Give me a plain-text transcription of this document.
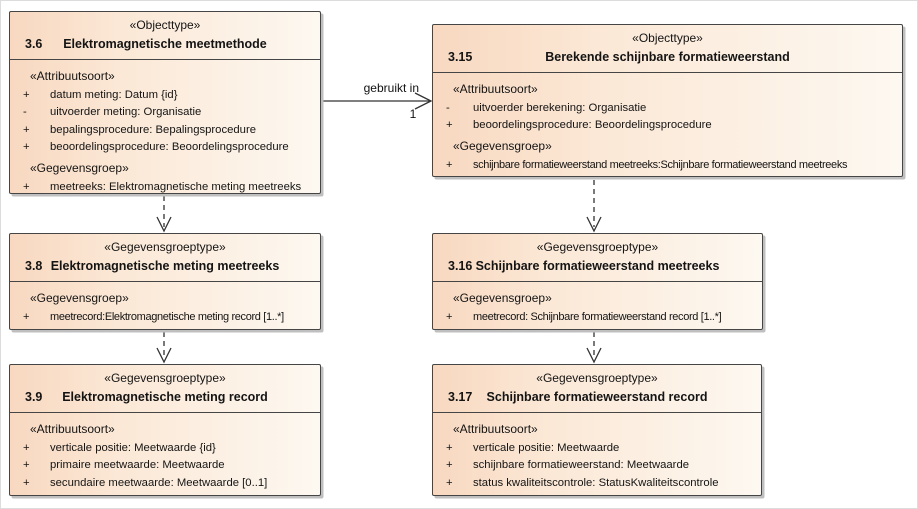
gebruikt in
1
«Objecttype»
3.6 Elektromagnetische meetmethode
«Attribuutsoort»
+ datum meting: Datum {id}
- uitvoerder meting: Organisatie
+ bepalingsprocedure: Bepalingsprocedure
+ beoordelingsprocedure: Beoordelingsprocedure
«Gegevensgroep»
+ meetreeks: Elektromagnetische meting meetreeks
«Objecttype»
3.15	Berekende schijnbare formatieweerstand
«Attribuutsoort»
- uitvoerder berekening: Organisatie
+ beoordelingsprocedure: Beoordelingsprocedure
«Gegevensgroep»
+ schijnbare formatieweerstand meetreeks:Schijnbare formatieweerstand meetreeks
«Gegevensgroeptype»
3.8 Elektromagnetische meting meetreeks
«Gegevensgroep»
+ meetrecord:Elektromagnetische meting record [1..*]
«Gegevensgroeptype»
3.16 Schijnbare formatieweerstand meetreeks
«Gegevensgroep»
+ meetrecord: Schijnbare formatieweerstand record [1..*]
«Gegevensgroeptype»
3.9 Elektromagnetische meting record
«Attribuutsoort»
+ verticale positie: Meetwaarde {id}
+ primaire meetwaarde: Meetwaarde
+ secundaire meetwaarde: Meetwaarde [0..1]
«Gegevensgroeptype»
3.17 Schijnbare formatieweerstand record
«Attribuutsoort»
+ verticale positie: Meetwaarde
+ schijnbare formatieweerstand: Meetwaarde
+ status kwaliteitscontrole: StatusKwaliteitscontrole
